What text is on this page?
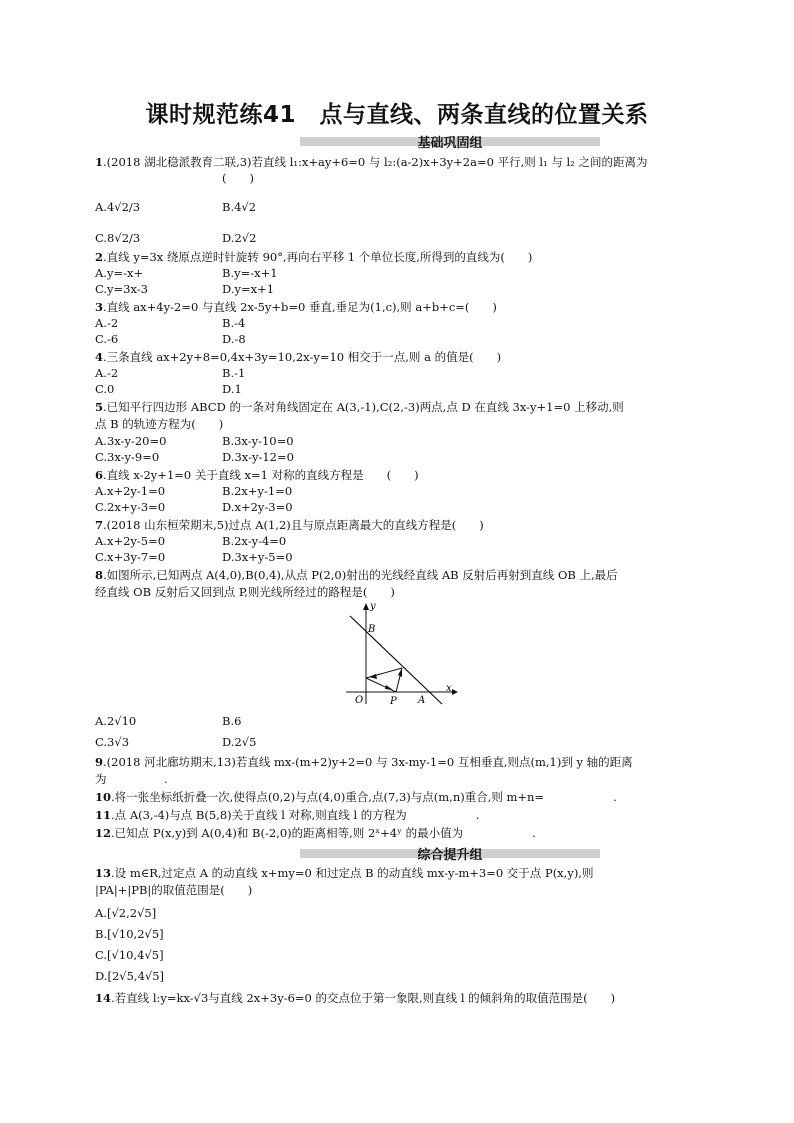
课时规范练41　点与直线、两条直线的位置关系
基础巩固组
1.(2018 湖北稳派教育二联,3)若直线 l₁:x+ay+6=0 与 l₂:(a-2)x+3y+2a=0 平行,则 l₁ 与 l₂ 之间的距离为
(　　)
A.4√2/3	B.4√2
C.8√2/3	D.2√2
2.直线 y=3x 绕原点逆时针旋转 90°,再向右平移 1 个单位长度,所得到的直线为(　　)
A.y=-x+	B.y=-x+1
C.y=3x-3	D.y=x+1
3.直线 ax+4y-2=0 与直线 2x-5y+b=0 垂直,垂足为(1,c),则 a+b+c=(　　)
A.-2	B.-4
C.-6	D.-8
4.三条直线 ax+2y+8=0,4x+3y=10,2x-y=10 相交于一点,则 a 的值是(　　)
A.-2	B.-1
C.0	D.1
5.已知平行四边形 ABCD 的一条对角线固定在 A(3,-1),C(2,-3)两点,点 D 在直线 3x-y+1=0 上移动,则
点 B 的轨迹方程为(　　)
A.3x-y-20=0	B.3x-y-10=0
C.3x-y-9=0	D.3x-y-12=0
6.直线 x-2y+1=0 关于直线 x=1 对称的直线方程是　　(　　)
A.x+2y-1=0	B.2x+y-1=0
C.2x+y-3=0	D.x+2y-3=0
7.(2018 山东桓荣期末,5)过点 A(1,2)且与原点距离最大的直线方程是(　　)
A.x+2y-5=0	B.2x-y-4=0
C.x+3y-7=0	D.3x+y-5=0
8.如图所示,已知两点 A(4,0),B(0,4),从点 P(2,0)射出的光线经直线 AB 反射后再射到直线 OB 上,最后
经直线 OB 反射后又回到点 P,则光线所经过的路程是(　　)
y
x
O	P A
B
A.2√10	B.6
C.3√3	D.2√5
9.(2018 河北廊坊期末,13)若直线 mx-(m+2)y+2=0 与 3x-my-1=0 互相垂直,则点(m,1)到 y 轴的距离
为　　　　　.
10.将一张坐标纸折叠一次,使得点(0,2)与点(4,0)重合,点(7,3)与点(m,n)重合,则 m+n=　　　　　　.
11.点 A(3,-4)与点 B(5,8)关于直线 l 对称,则直线 l 的方程为　　　　　　.
12.已知点 P(x,y)到 A(0,4)和 B(-2,0)的距离相等,则 2ˣ+4ʸ 的最小值为　　　　　　.
综合提升组
13.设 m∈R,过定点 A 的动直线 x+my=0 和过定点 B 的动直线 mx-y-m+3=0 交于点 P(x,y),则
|PA|+|PB|的取值范围是(　　)
A.[√2,2√5]
B.[√10,2√5]
C.[√10,4√5]
D.[2√5,4√5]
14.若直线 l:y=kx-√3与直线 2x+3y-6=0 的交点位于第一象限,则直线 l 的倾斜角的取值范围是(　　)
